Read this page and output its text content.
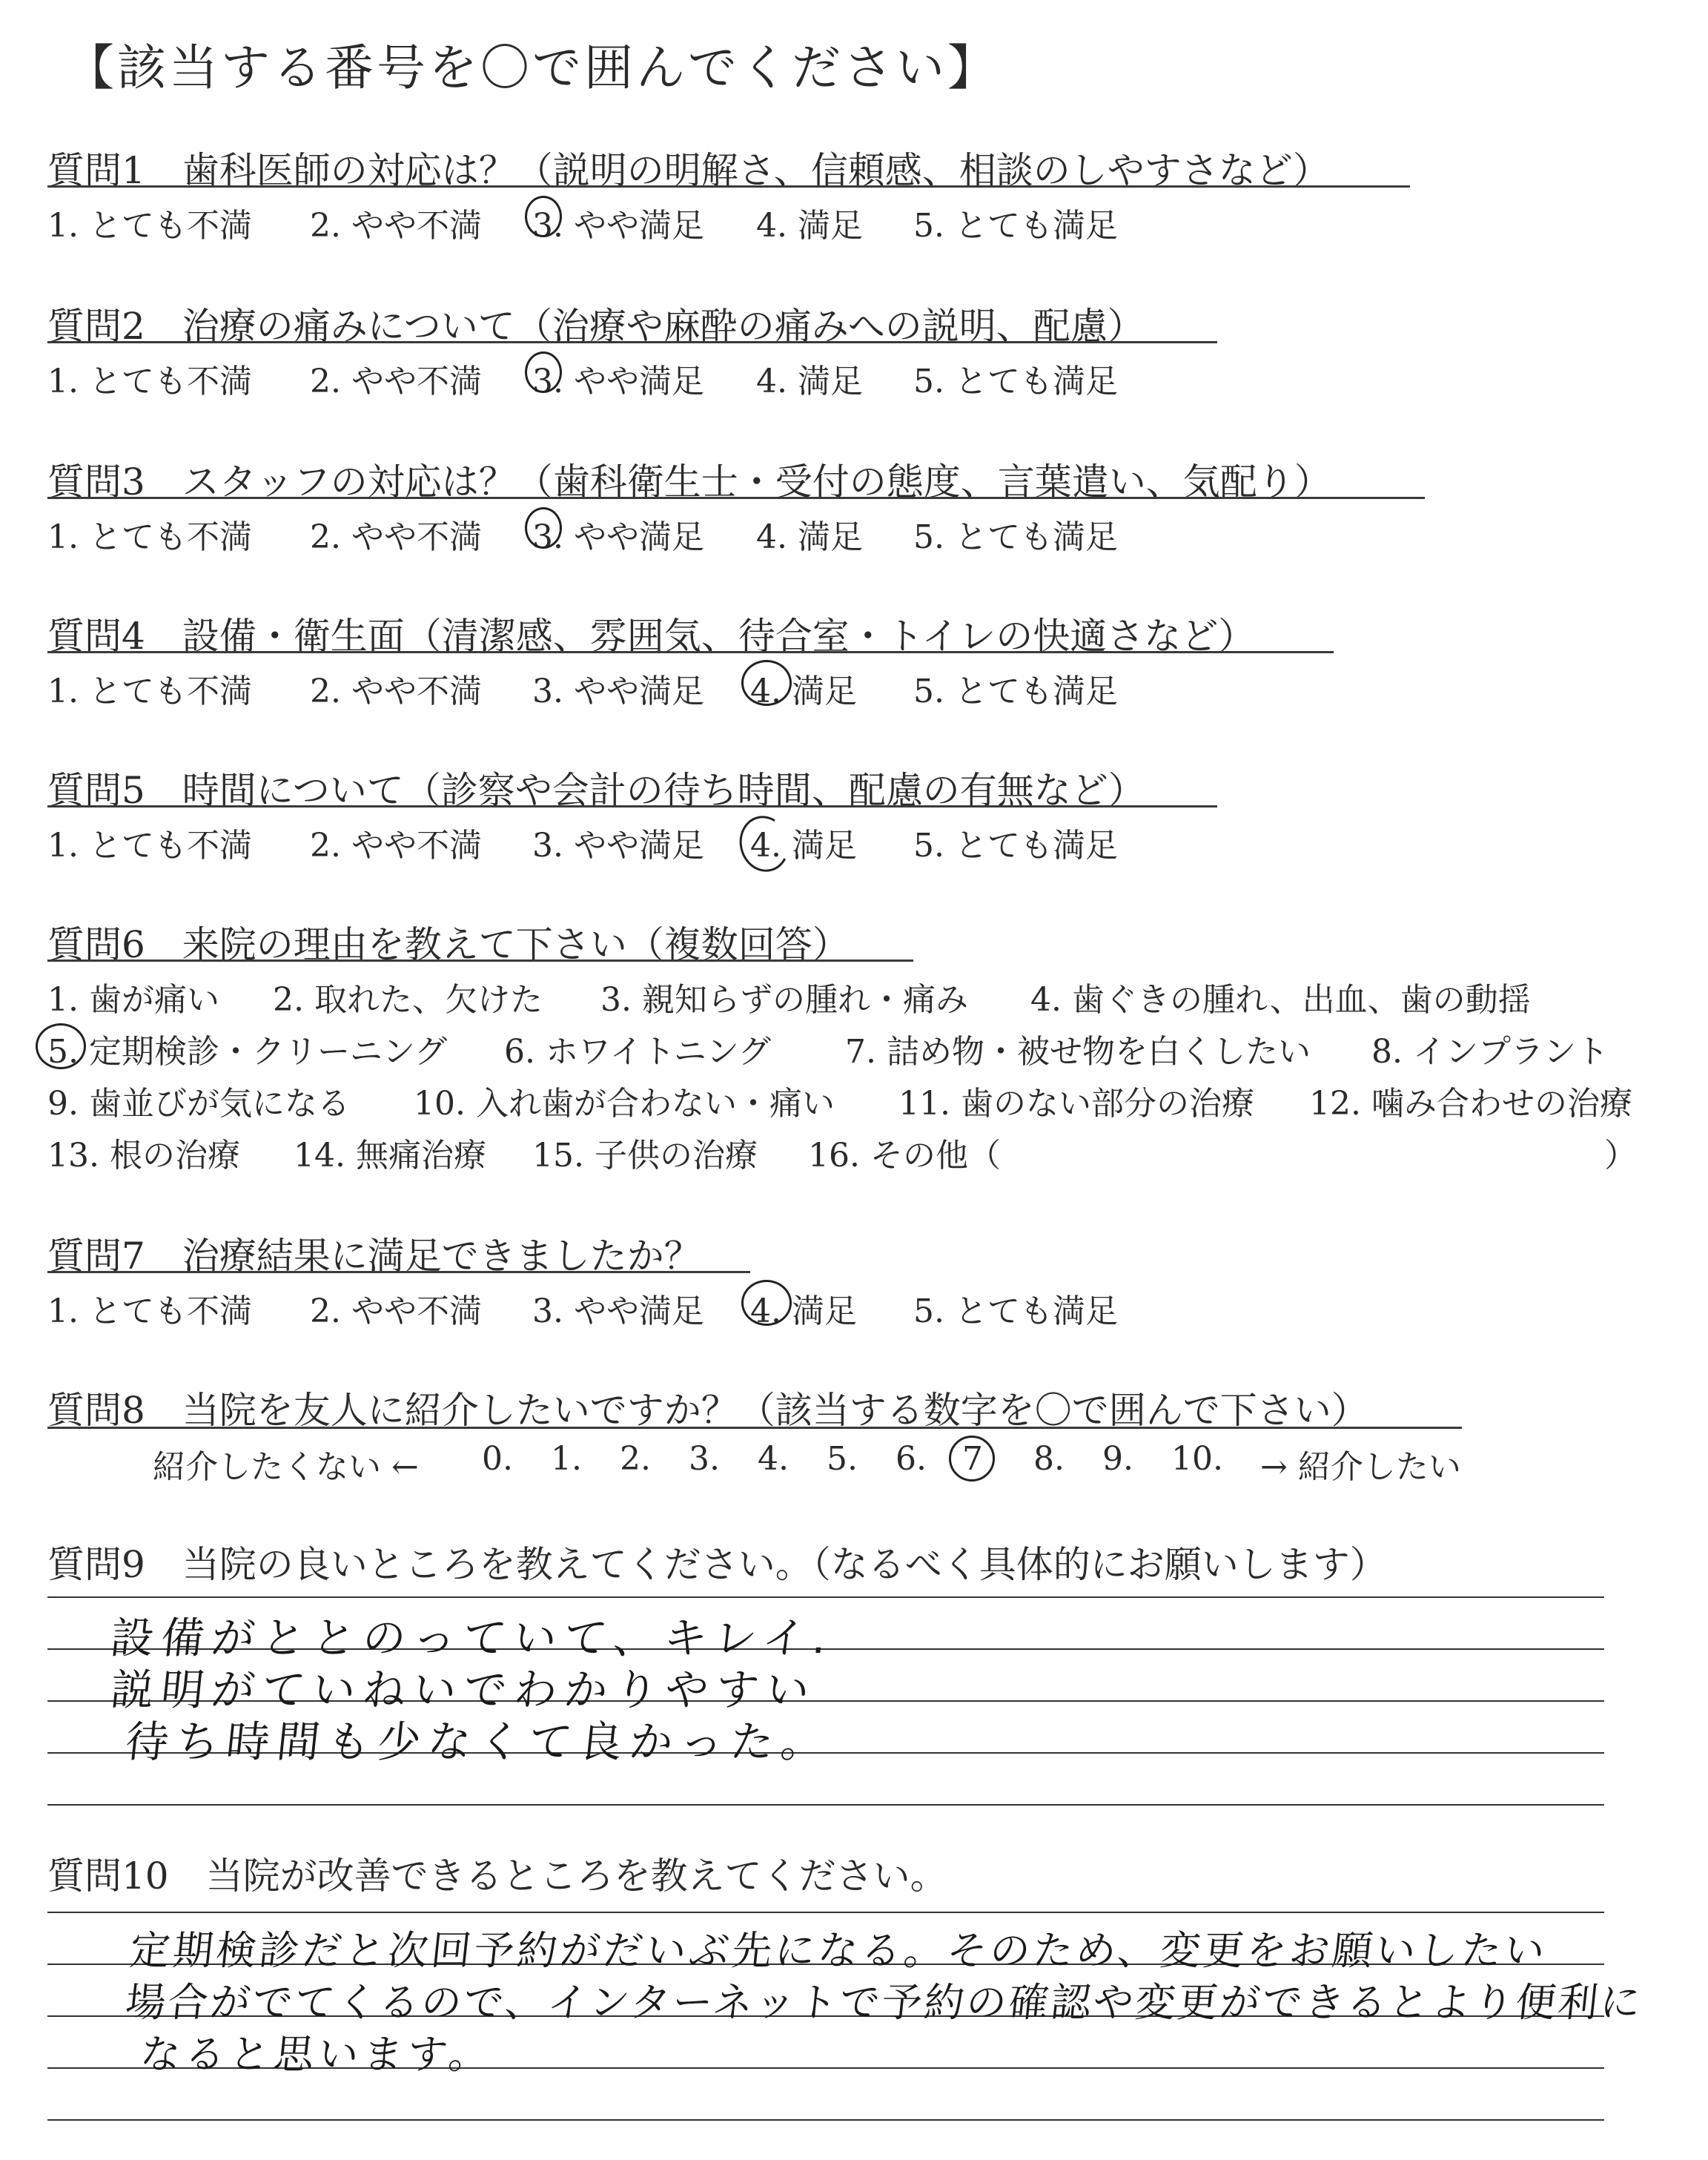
【該当する番号を〇で囲んでください】
質問1　歯科医師の対応は？（説明の明解さ、信頼感、相談のしやすさなど）
1. とても不満 2. やや不満 3. やや満足 4. 満足 5. とても満足
質問2　治療の痛みについて（治療や麻酔の痛みへの説明、配慮）
1. とても不満 2. やや不満 3. やや満足 4. 満足 5. とても満足
質問3　スタッフの対応は？（歯科衛生士・受付の態度、言葉遣い、気配り）
1. とても不満 2. やや不満 3. やや満足 4. 満足 5. とても満足
質問4　設備・衛生面（清潔感、雰囲気、待合室・トイレの快適さなど）
1. とても不満 2. やや不満 3. やや満足 4. 満足 5. とても満足
質問5　時間について（診察や会計の待ち時間、配慮の有無など）
1. とても不満 2. やや不満 3. やや満足 4. 満足 5. とても満足
質問6　来院の理由を教えて下さい（複数回答）
1. 歯が痛い 2. 取れた、欠けた 3. 親知らずの腫れ・痛み 4. 歯ぐきの腫れ、出血、歯の動揺
5. 定期検診・クリーニング 6. ホワイトニング 7. 詰め物・被せ物を白くしたい 8. インプラント
9. 歯並びが気になる 10. 入れ歯が合わない・痛い 11. 歯のない部分の治療 12. 噛み合わせの治療
13. 根の治療 14. 無痛治療 15. 子供の治療 16. その他（	）
質問7　治療結果に満足できましたか？
1. とても不満 2. やや不満 3. やや満足 4. 満足 5. とても満足
質問8　当院を友人に紹介したいですか？（該当する数字を〇で囲んで下さい）
紹介したくない ← 0. 1. 2. 3. 4. 5. 6. 7 8. 9. 10. → 紹介したい
質問9　当院の良いところを教えてください。（なるべく具体的にお願いします）
設備がととのっていて、キレイ.
説明がていねいでわかりやすい
待ち時間も少なくて良かった。
質問10　当院が改善できるところを教えてください。
定期検診だと次回予約がだいぶ先になる。そのため、変更をお願いしたい
場合がでてくるので、インターネットで予約の確認や変更ができるとより便利に
なると思います。
